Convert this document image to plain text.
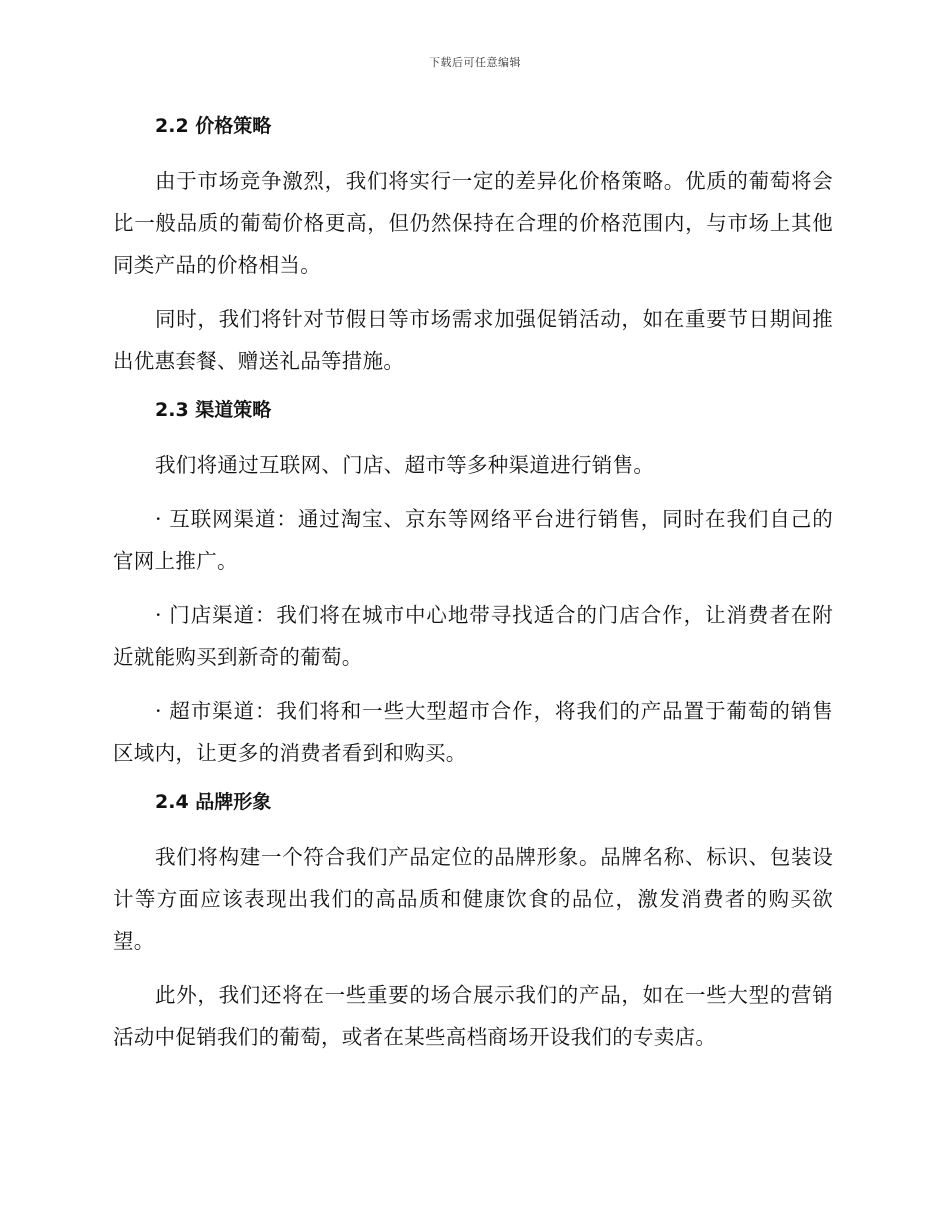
下载后可任意编辑
2.2 价格策略

由于市场竞争激烈，我们将实行一定的差异化价格策略。优质的葡萄将会比一般品质的葡萄价格更高，但仍然保持在合理的价格范围内，与市场上其他同类产品的价格相当。

同时，我们将针对节假日等市场需求加强促销活动，如在重要节日期间推出优惠套餐、赠送礼品等措施。

2.3 渠道策略

我们将通过互联网、门店、超市等多种渠道进行销售。

· 互联网渠道：通过淘宝、京东等网络平台进行销售，同时在我们自己的官网上推广。

· 门店渠道：我们将在城市中心地带寻找适合的门店合作，让消费者在附近就能购买到新奇的葡萄。

· 超市渠道：我们将和一些大型超市合作，将我们的产品置于葡萄的销售区域内，让更多的消费者看到和购买。

2.4 品牌形象

我们将构建一个符合我们产品定位的品牌形象。品牌名称、标识、包装设计等方面应该表现出我们的高品质和健康饮食的品位，激发消费者的购买欲望。

此外，我们还将在一些重要的场合展示我们的产品，如在一些大型的营销活动中促销我们的葡萄，或者在某些高档商场开设我们的专卖店。
